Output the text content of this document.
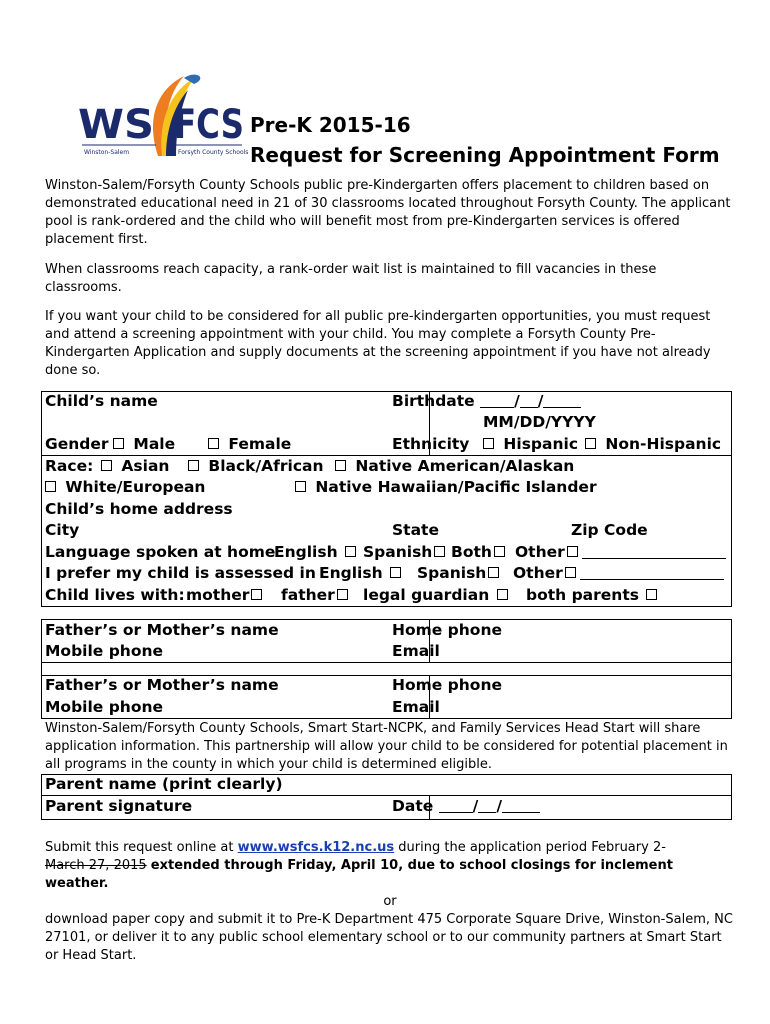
WS FCS
Winston-Salem	Forsyth County Schools
Pre-K 2015-16
Request for Screening Appointment Form
Winston-Salem/Forsyth County Schools public pre-Kindergarten offers placement to children based on demonstrated educational need in 21 of 30 classrooms located throughout Forsyth County. The applicant pool is rank-ordered and the child who will benefit most from pre-Kindergarten services is offered placement first.
When classrooms reach capacity, a rank-order wait list is maintained to fill vacancies in these classrooms.
If you want your child to be considered for all public pre-kindergarten opportunities, you must request and attend a screening appointment with your child. You may complete a Forsyth County Pre-Kindergarten Application and supply documents at the screening appointment if you have not already done so.
Child’s name	Birthdate	/ /
MM/DD/YYYY
Gender	Male	Female	Ethnicity	Hispanic	Non-Hispanic
Race:	Asian	Black/African	Native American/Alaskan
White/European	Native Hawaiian/Pacific Islander
Child’s home address
City	State	Zip Code
Language spoken at home
English	Spanish	Both	Other
I prefer my child is assessed in English	Spanish	Other
Child lives with: mother	father	legal guardian	both parents
Father’s or Mother’s name	Home phone
Mobile phone	Email
Father’s or Mother’s name	Home phone
Mobile phone	Email
Winston-Salem/Forsyth County Schools, Smart Start-NCPK, and Family Services Head Start will share application information. This partnership will allow your child to be considered for potential placement in all programs in the county in which your child is determined eligible.
Parent name (print clearly)
Parent signature	Date	/ /
Submit this request online at www.wsfcs.k12.nc.us during the application period February 2-
March 27, 2015 extended through Friday, April 10, due to school closings for inclement weather.
or
download paper copy and submit it to Pre-K Department 475 Corporate Square Drive, Winston-Salem, NC 27101, or deliver it to any public school elementary school or to our community partners at Smart Start or Head Start.
